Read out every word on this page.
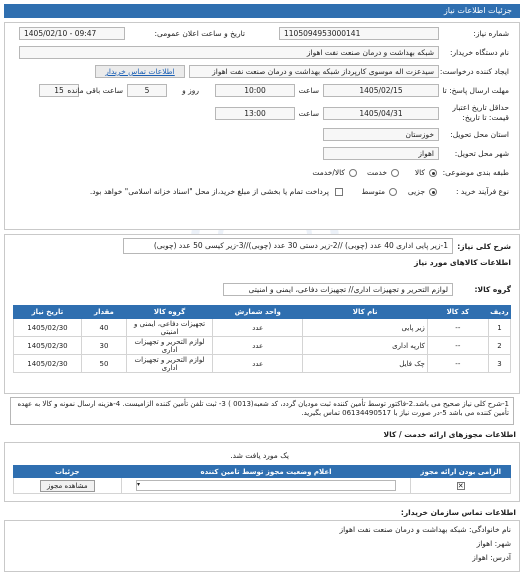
جزئیات اطلاعات نیاز
شماره نیاز:
1105094953000141
تاریخ و ساعت اعلان عمومی:
1405/02/10 - 09:47
نام دستگاه خریدار:
شبکه بهداشت و درمان صنعت نفت اهواز
ایجاد کننده درخواست:
سیدعزت اله موسوی کارپرداز شبکه بهداشت و درمان صنعت نفت اهواز
اطلاعات تماس خریدار
مهلت ارسال پاسخ: تا
1405/02/15
ساعت
10:00
5	روز و
15 ساعت باقی مانده
حداقل تاریخ اعتبار
قیمت: تا تاریخ:
1405/04/31
ساعت
13:00
استان محل تحویل:
خوزستان
شهر محل تحویل:
اهواز
طبقه بندی موضوعی:
کالا
خدمت
کالا/خدمت
نوع فرآیند خرید :
جزیی
متوسط
پرداخت تمام یا بخشی از مبلغ خرید،از محل "اسناد خزانه اسلامی" خواهد بود.
شرح کلی نیاز:
1-زیر پایی اداری 40 عدد (چوبی) //2-زیر دستی 30 عدد (چوبی)//3-زیر کیسی 50 عدد (چوبی)
اطلاعات کالاهای مورد نیاز
گروه کالا:
لوازم التحریر و تجهیزات اداری// تجهیزات دفاعی، ایمنی و امنیتی
ردیف	کد کالا	نام کالا	واحد شمارش	گروه کالا	مقدار	تاریخ نیاز
1	--	زیر پایی	عدد	تجهیزات دفاعی، ایمنی و امنیتی	40	1405/02/30
2	--	کارپه اداری	عدد	لوازم التحریر و تجهیزات اداری	30	1405/02/30
3	--	چک فایل	عدد	لوازم التحریر و تجهیزات اداری	50	1405/02/30
1-شرح کلی نیاز صحیح می باشد.2-فاکتور توسط تأمین کننده ثبت مودیان گردد، کد شعبه(0013 ) 3- ثبت تلفن تأمین کننده الزامیست. 4-هزینه ارسال نمونه و کالا به عهده تأمین کننده می باشد 5-در صورت نیاز با 06134490517 تماس بگیرید.
اطلاعات مجوزهای ارائه خدمت / کالا
یک مورد یافت شد.
الزامی بودن ارائه مجوز	اعلام وضعیت مجوز توسط تامین کننده	جزئیات
✕	▾	مشاهده مجوز
اطلاعات تماس سازمان خریدار:
نام خانوادگی: شبکه بهداشت و درمان صنعت نفت اهواز
شهر: اهواز
آدرس: اهواز
